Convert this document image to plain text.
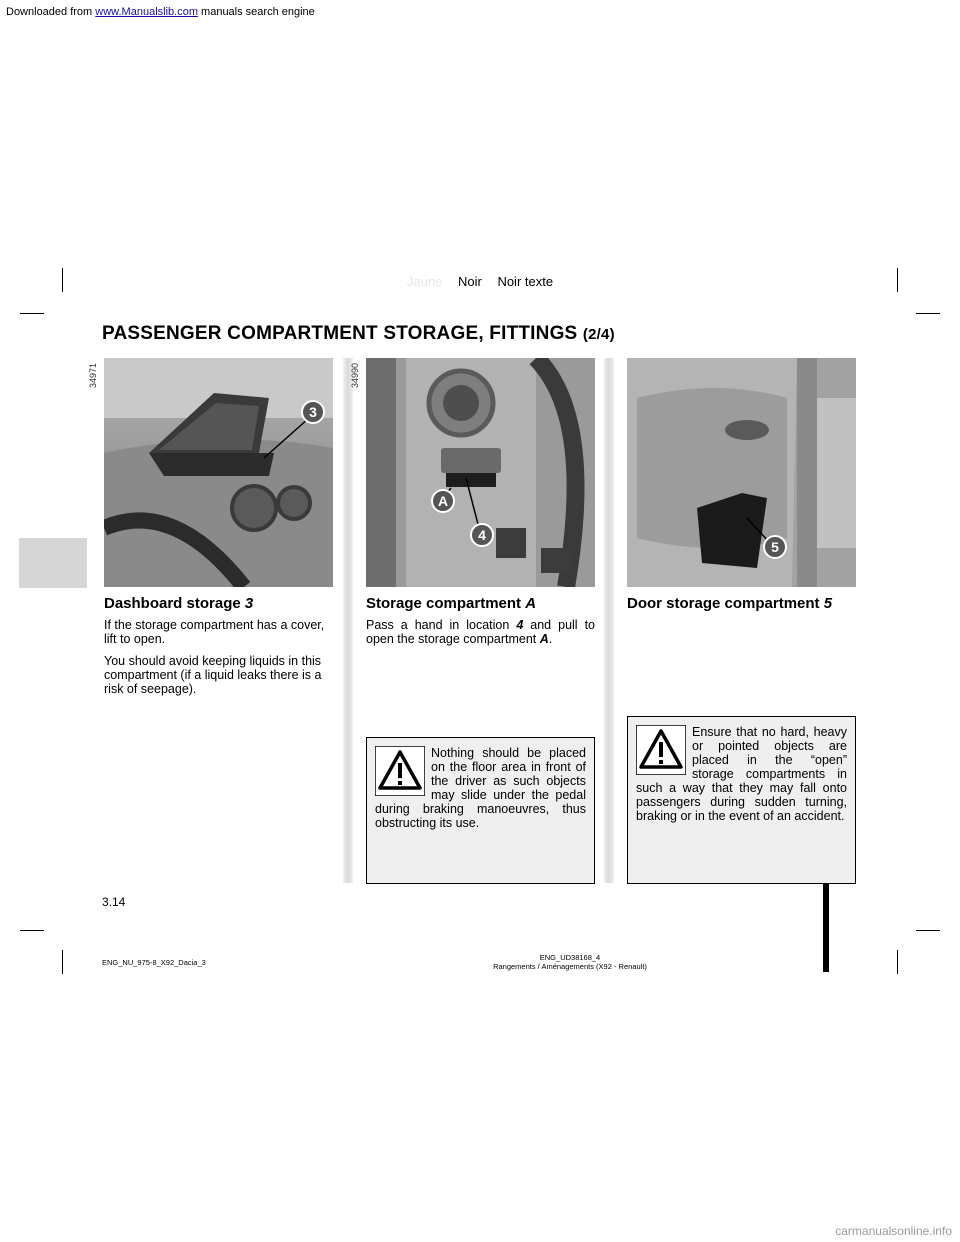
Downloaded from www.Manualslib.com manuals search engine
Jaune Noir Noir texte
PASSENGER COMPARTMENT STORAGE, FITTINGS (2/4)
34971
3
Dashboard storage 3

If the storage compartment has a cover, lift to open.

You should avoid keeping liquids in this compartment (if a liquid leaks there is a risk of seepage).

34990
A
4
Storage compartment A
Pass a hand in location 4 and pull to open the storage compartment A.
Nothing should be placed on the floor area in front of the driver as such objects may slide under the pedal during braking manoeuvres, thus obstructing its use.
5
Door storage compartment 5
Ensure that no hard, heavy or pointed objects are placed in the “open” storage compartments in such a way that they may fall onto passengers during sudden turning, braking or in the event of an accident.
3.14
ENG_NU_975-8_X92_Dacia_3
ENG_UD38168_4
Rangements / Aménagements (X92 - Renault)
carmanualsonline.info
